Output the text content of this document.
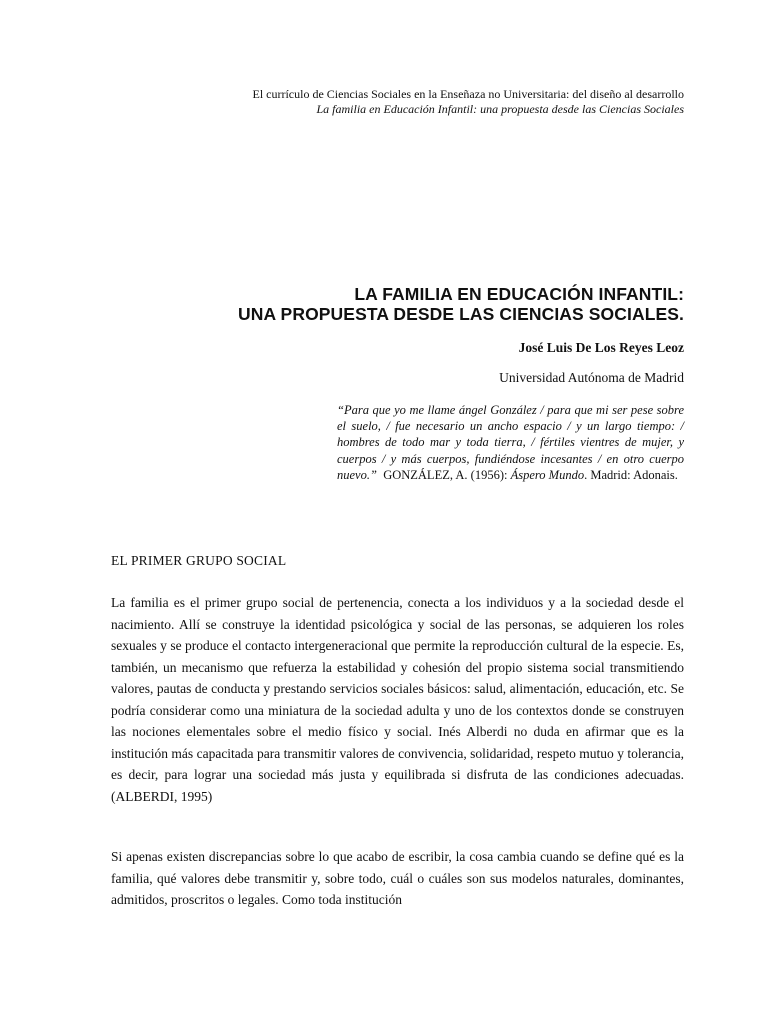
El currículo de Ciencias Sociales en la Enseñaza no Universitaria: del diseño al desarrollo
La familia en Educación Infantil: una propuesta desde las Ciencias Sociales
LA FAMILIA EN EDUCACIÓN INFANTIL:
UNA PROPUESTA DESDE LAS CIENCIAS SOCIALES.
José Luis De Los Reyes Leoz
Universidad Autónoma de Madrid
“Para que yo me llame ángel González / para que mi ser pese sobre el suelo, / fue necesario un ancho espacio / y un largo tiempo: / hombres de todo mar y toda tierra, / fértiles vientres de mujer, y cuerpos / y más cuerpos, fundiéndose incesantes / en otro cuerpo nuevo.” GONZÁLEZ, A. (1956): Áspero Mundo. Madrid: Adonais.
EL PRIMER GRUPO SOCIAL

La familia es el primer grupo social de pertenencia, conecta a los individuos y a la sociedad desde el nacimiento. Allí se construye la identidad psicológica y social de las personas, se adquieren los roles sexuales y se produce el contacto intergeneracional que permite la reproducción cultural de la especie. Es, también, un mecanismo que refuerza la estabilidad y cohesión del propio sistema social transmitiendo valores, pautas de conducta y prestando servicios sociales básicos: salud, alimentación, educación, etc. Se podría considerar como una miniatura de la sociedad adulta y uno de los contextos donde se construyen las nociones elementales sobre el medio físico y social. Inés Alberdi no duda en afirmar que es la institución más capacitada para transmitir valores de convivencia, solidaridad, respeto mutuo y tolerancia, es decir, para lograr una sociedad más justa y equilibrada si disfruta de las condiciones adecuadas. (ALBERDI, 1995)

Si apenas existen discrepancias sobre lo que acabo de escribir, la cosa cambia cuando se define qué es la familia, qué valores debe transmitir y, sobre todo, cuál o cuáles son sus modelos naturales, dominantes, admitidos, proscritos o legales. Como toda institución
